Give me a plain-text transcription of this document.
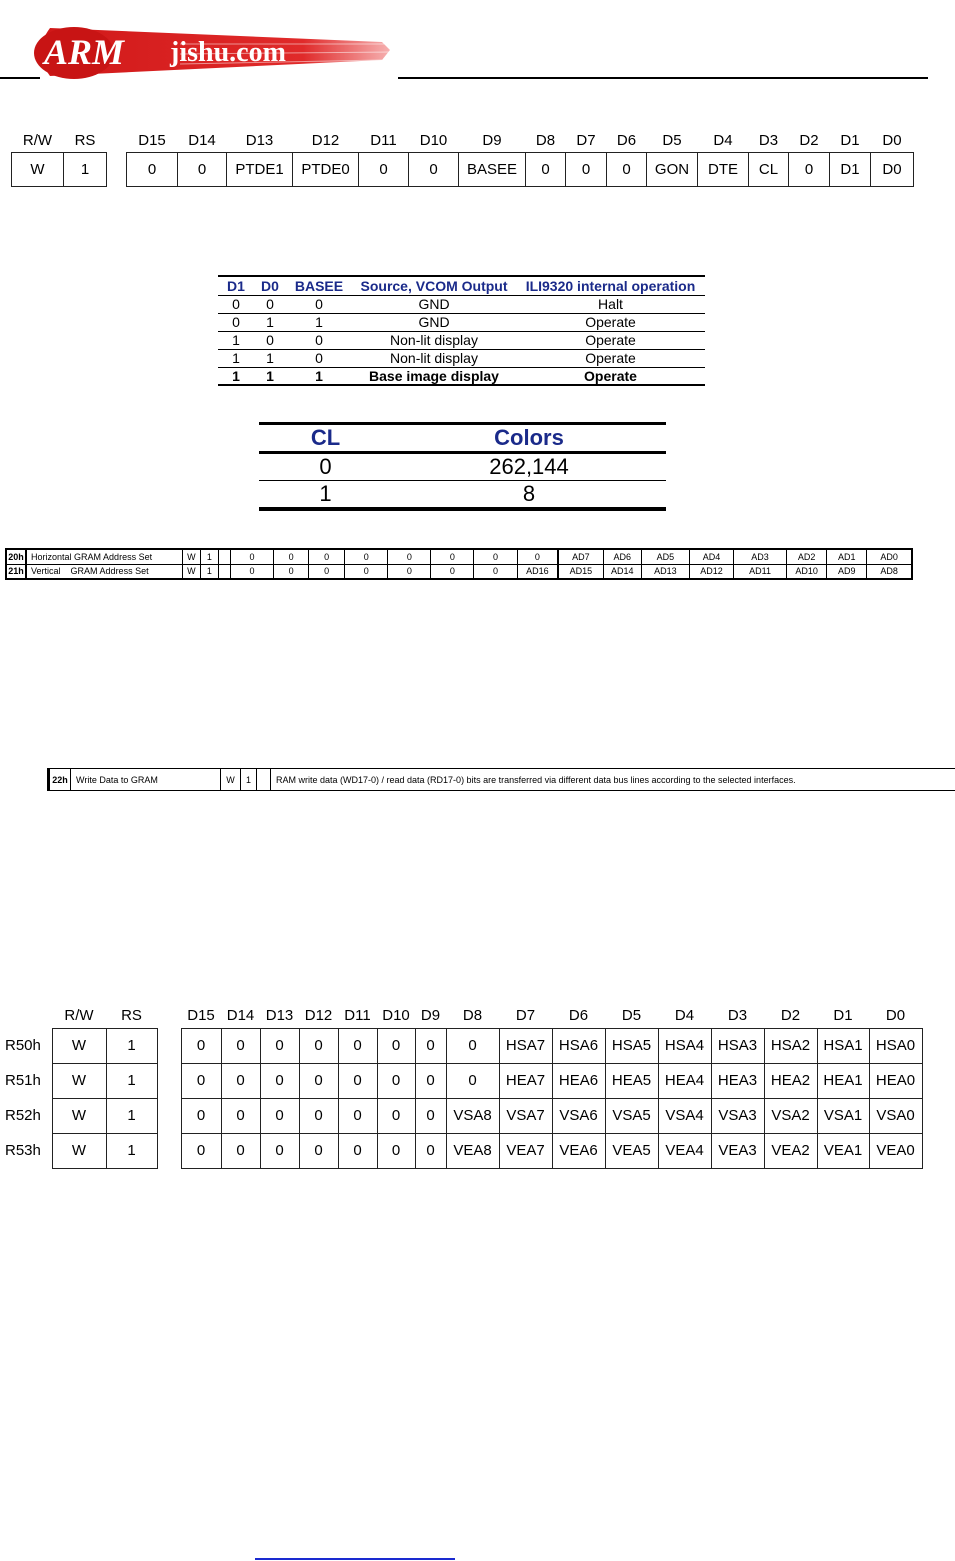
ARM jishu.com
R/W	RS		D15	D14	D13	D12	D11	D10	D9	D8	D7	D6	D5	D4	D3	D2	D1	D0
W	1		0	0	PTDE1	PTDE0	0	0	BASEE	0	0	0	GON	DTE	CL	0	D1	D0
D1	D0	BASEE	Source, VCOM Output	ILI9320 internal operation
0	0	0	GND	Halt
0	1	1	GND	Operate
1	0	0	Non-lit display	Operate
1	1	0	Non-lit display	Operate
1	1	1	Base image display	Operate
CL	Colors
0	262,144
1	8
20h	Horizontal GRAM Address Set	W	1		0	0	0	0	0	0	0	0	AD7	AD6	AD5	AD4	AD3	AD2	AD1	AD0
21h	Vertical    GRAM Address Set	W	1		0	0	0	0	0	0	0	AD16	AD15	AD14	AD13	AD12	AD11	AD10	AD9	AD8
22h	Write Data to GRAM	W	1		RAM write data (WD17-0) / read data (RD17-0) bits are transferred via different data bus lines according to the selected interfaces.
	R/W	RS		D15	D14	D13	D12	D11	D10	D9	D8	D7	D6	D5	D4	D3	D2	D1	D0
R50h	W	1		0	0	0	0	0	0	0	0	HSA7	HSA6	HSA5	HSA4	HSA3	HSA2	HSA1	HSA0
R51h	W	1		0	0	0	0	0	0	0	0	HEA7	HEA6	HEA5	HEA4	HEA3	HEA2	HEA1	HEA0
R52h	W	1		0	0	0	0	0	0	0	VSA8	VSA7	VSA6	VSA5	VSA4	VSA3	VSA2	VSA1	VSA0
R53h	W	1		0	0	0	0	0	0	0	VEA8	VEA7	VEA6	VEA5	VEA4	VEA3	VEA2	VEA1	VEA0
